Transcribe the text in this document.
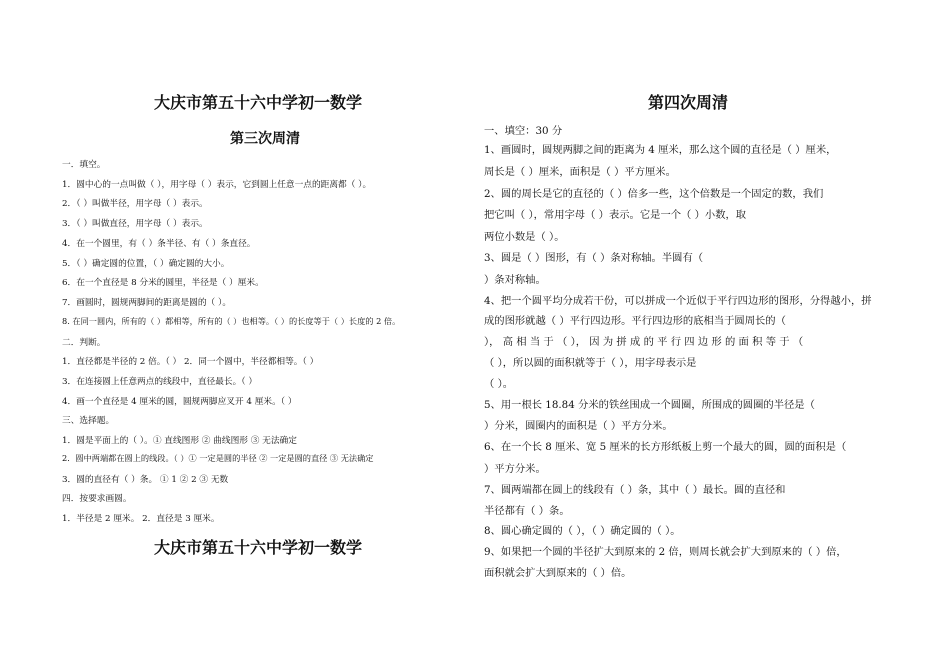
大庆市第五十六中学初一数学
第三次周清
一．填空。
1．圆中心的一点叫做（ ），用字母（ ）表示，它到圆上任意一点的距离都（ ）。
2．（ ）叫做半径，用字母（ ）表示。
3．（ ）叫做直径，用字母（ ）表示。
4．在一个圆里，有（ ）条半径、有（ ）条直径。
5．（ ）确定圆的位置，（ ）确定圆的大小。
6．在一个直径是 8 分米的圆里，半径是（ ）厘米。
7．画圆时，圆规两脚间的距离是圆的（ ）。
8. 在同一圆内，所有的（ ）都相等，所有的（ ）也相等。（ ）的长度等于（ ）长度的 2 倍。
二．判断。
1．直径都是半径的 2 倍。（ ） 2．同一个圆中，半径都相等。（ ）
3．在连接圆上任意两点的线段中，直径最长。（ ）
4．画一个直径是 4 厘米的圆，圆规两脚应叉开 4 厘米。（ ）
三、选择题。
1．圆是平面上的（ ）。① 直线图形 ② 曲线图形 ③ 无法确定
2．圆中两端都在圆上的线段。（ ）① 一定是圆的半径 ② 一定是圆的直径 ③ 无法确定
3．圆的直径有（ ）条。 ① 1 ② 2 ③ 无数
四．按要求画圆。
1．半径是 2 厘米。 2．直径是 3 厘米。
大庆市第五十六中学初一数学
第四次周清
一、填空：30 分
1、画圆时，圆规两脚之间的距离为 4 厘米，那么这个圆的直径是（ ）厘米，
周长是（ ）厘米，面积是（ ）平方厘米。
2、圆的周长是它的直径的（ ）倍多一些，这个倍数是一个固定的数，我们
把它叫（ ），常用字母（ ）表示。它是一个（ ）小数，取
两位小数是（ ）。
3、圆是（ ）图形，有（ ）条对称轴。半圆有（
）条对称轴。
4、把一个圆平均分成若干份，可以拼成一个近似于平行四边形的图形，分得越小，拼
成的图形就越（ ）平行四边形。平行四边形的底相当于圆周长的（
）， 高 相 当 于 （ ）， 因 为 拼 成 的 平 行 四 边 形 的 面 积 等 于 （
（ ），所以圆的面积就等于（ ），用字母表示是
（ ）。
5、用一根长 18.84 分米的铁丝围成一个圆圈，所围成的圆圈的半径是（
）分米，圆圈内的面积是（ ）平方分米。
6、在一个长 8 厘米、宽 5 厘米的长方形纸板上剪一个最大的圆，圆的面积是（
）平方分米。
7、圆两端都在圆上的线段有（ ）条，其中（ ）最长。圆的直径和
半径都有（ ）条。
8、圆心确定圆的（ ），（ ）确定圆的（ ）。
9、如果把一个圆的半径扩大到原来的 2 倍，则周长就会扩大到原来的（ ）倍，
面积就会扩大到原来的（ ）倍。
